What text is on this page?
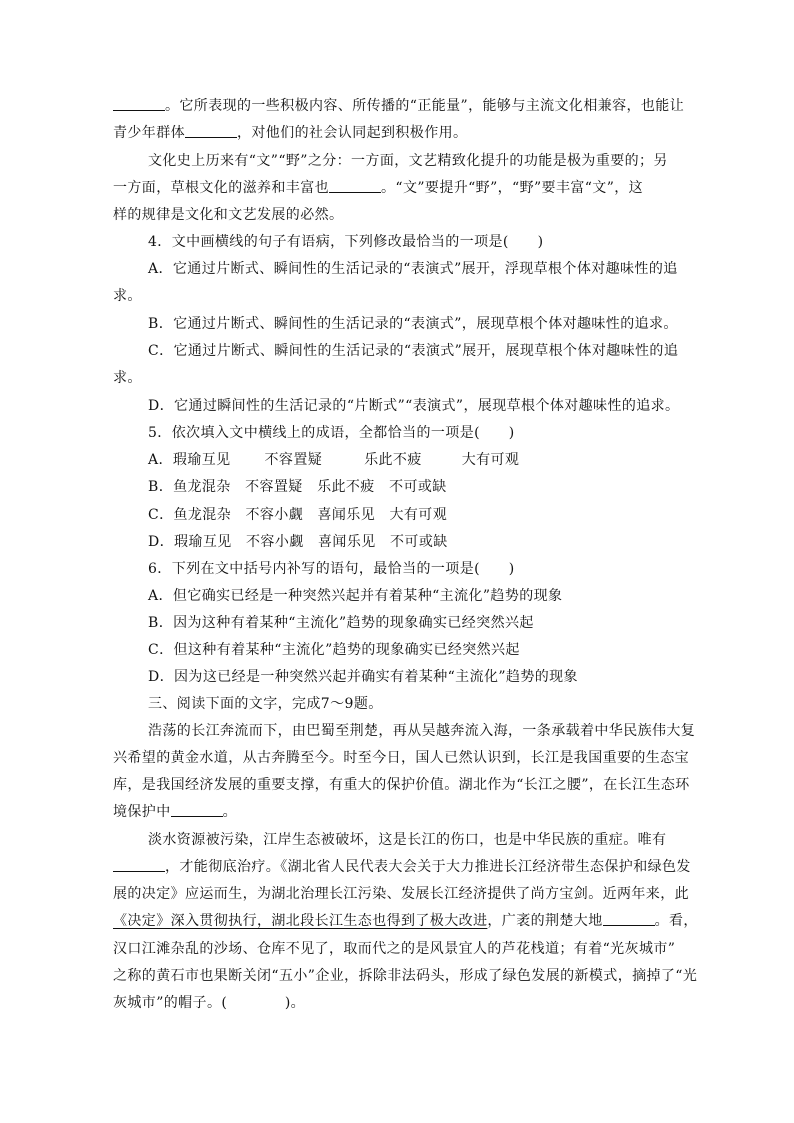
。它所表现的一些积极内容、所传播的“正能量”，能够与主流文化相兼容，也能让
青少年群体	，对他们的社会认同起到积极作用。
文化史上历来有“文”“野”之分：一方面，文艺精致化提升的功能是极为重要的；另
一方面，草根文化的滋养和丰富也	。“文”要提升“野”，“野”要丰富“文”，这
样的规律是文化和文艺发展的必然。
4．文中画横线的句子有语病，下列修改最恰当的一项是(　　)
A．它通过片断式、瞬间性的生活记录的“表演式”展开，浮现草根个体对趣味性的追
求。
B．它通过片断式、瞬间性的生活记录的“表演式”，展现草根个体对趣味性的追求。
C．它通过片断式、瞬间性的生活记录的“表演式”展开，展现草根个体对趣味性的追
求。
D．它通过瞬间性的生活记录的“片断式”“表演式”，展现草根个体对趣味性的追求。
5．依次填入文中横线上的成语，全都恰当的一项是(　　)
A．瑕瑜互见 不容置疑	乐此不疲	大有可观
B．鱼龙混杂　不容置疑　乐此不疲　不可或缺
C．鱼龙混杂　不容小觑　喜闻乐见　大有可观
D．瑕瑜互见　不容小觑　喜闻乐见　不可或缺
6．下列在文中括号内补写的语句，最恰当的一项是(　　)
A．但它确实已经是一种突然兴起并有着某种“主流化”趋势的现象
B．因为这种有着某种“主流化”趋势的现象确实已经突然兴起
C．但这种有着某种“主流化”趋势的现象确实已经突然兴起
D．因为这已经是一种突然兴起并确实有着某种“主流化”趋势的现象
三、阅读下面的文字，完成7～9题。
浩荡的长江奔流而下，由巴蜀至荆楚，再从吴越奔流入海，一条承载着中华民族伟大复
兴希望的黄金水道，从古奔腾至今。时至今日，国人已然认识到，长江是我国重要的生态宝
库，是我国经济发展的重要支撑，有重大的保护价值。湖北作为“长江之腰”，在长江生态环
境保护中	。
淡水资源被污染，江岸生态被破坏，这是长江的伤口，也是中华民族的重症。唯有
，才能彻底治疗。《湖北省人民代表大会关于大力推进长江经济带生态保护和绿色发
展的决定》应运而生，为湖北治理长江污染、发展长江经济提供了尚方宝剑。近两年来，此
《决定》深入贯彻执行，湖北段长江生态也得到了极大改进，广袤的荆楚大地	。看，
汉口江滩杂乱的沙场、仓库不见了，取而代之的是风景宜人的芦花栈道；有着“光灰城市”
之称的黄石市也果断关闭“五小”企业，拆除非法码头，形成了绿色发展的新模式，摘掉了“光
灰城市”的帽子。(　　　　)。
